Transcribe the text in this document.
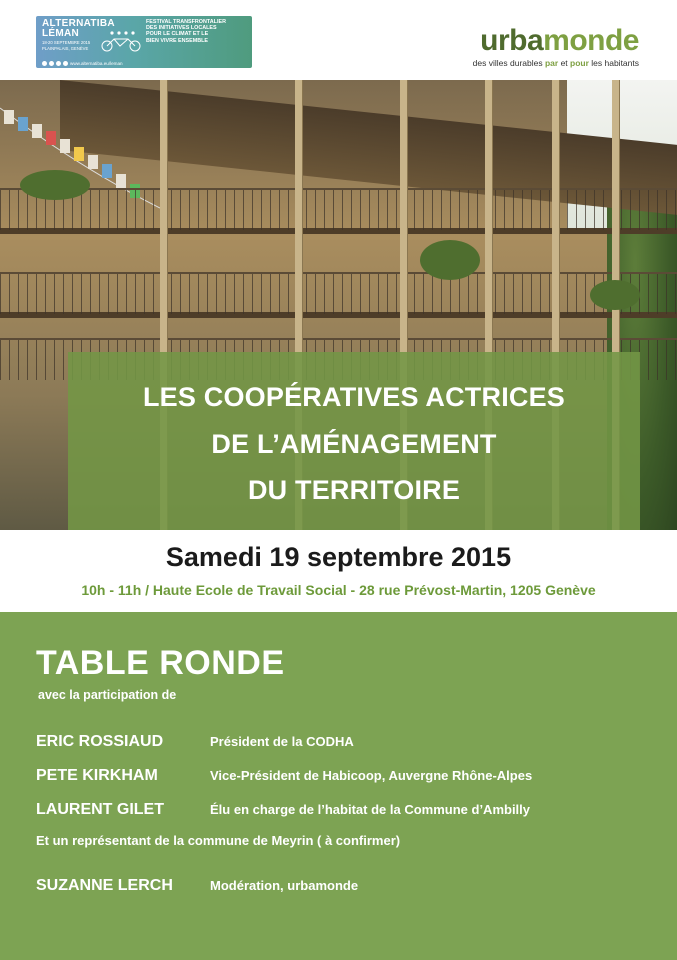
ALTERNATIBA
LÉMAN
18-20 SEPTEMBRE 2015
PLAINPALAIS, GENÈVE
FESTIVAL TRANSFRONTALIER
DES INITIATIVES LOCALES
POUR LE CLIMAT ET LE
BIEN VIVRE ENSEMBLE
www.alternatiba.eu/leman
urbamonde
des villes durables par et pour les habitants
LES COOPÉRATIVES ACTRICES
DE L’AMÉNAGEMENT
DU TERRITOIRE
Samedi 19 septembre 2015
10h - 11h / Haute Ecole de Travail Social - 28 rue Prévost-Martin, 1205 Genève
TABLE RONDE
avec la participation de
ERIC ROSSIAUD	Président de la CODHA
PETE KIRKHAM	Vice-Président de Habicoop, Auvergne Rhône-Alpes
LAURENT GILET	Élu en charge de l’habitat de la Commune d’Ambilly
Et un représentant de la commune de Meyrin ( à confirmer)
SUZANNE LERCH	Modération, urbamonde
